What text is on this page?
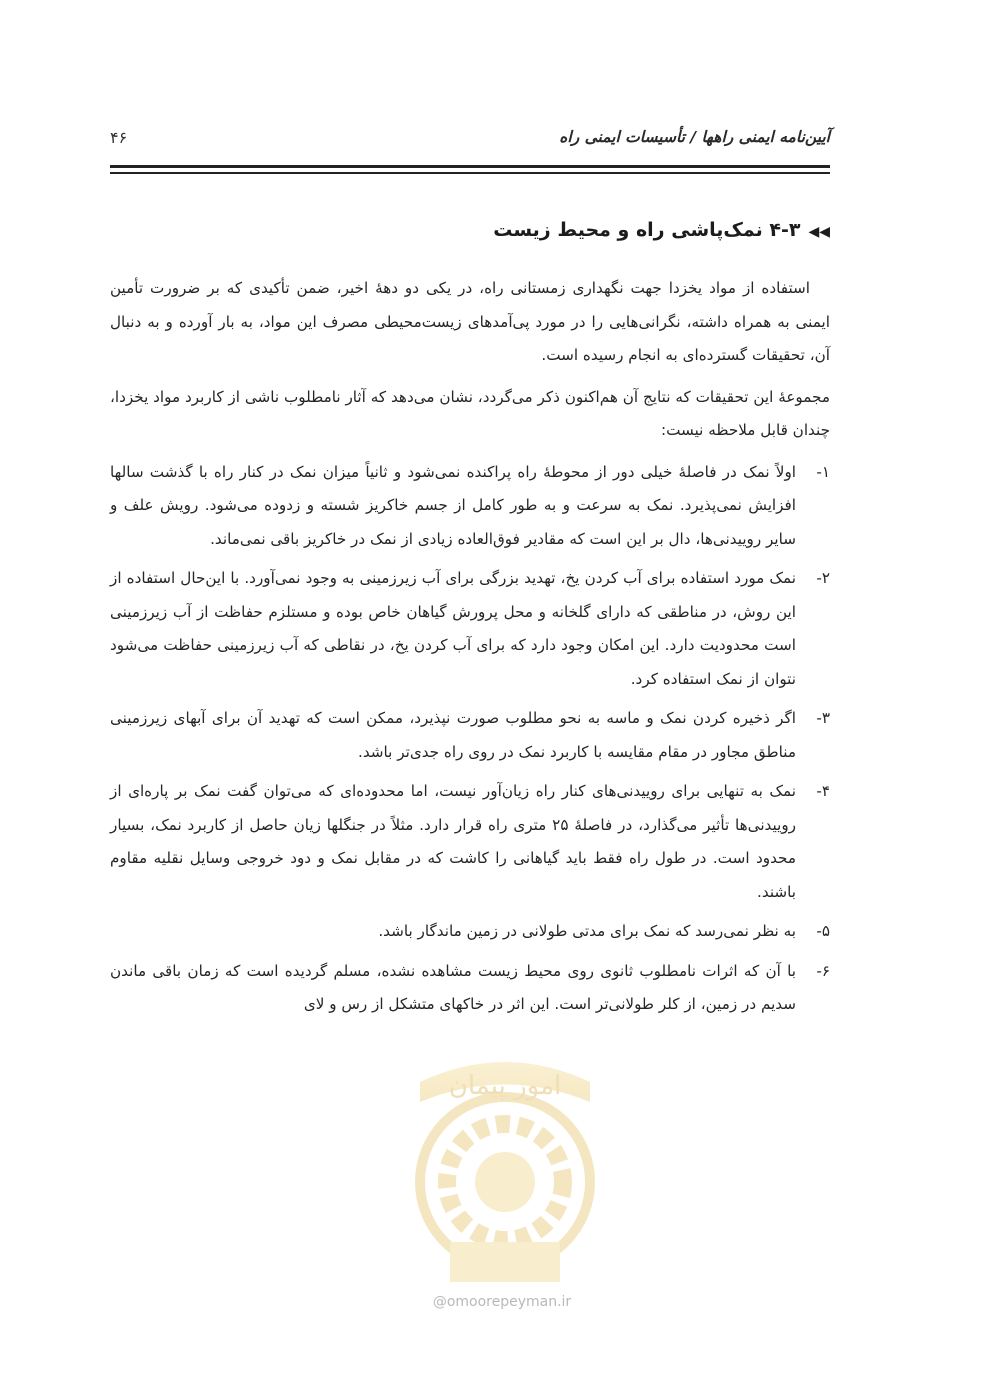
آیین‌نامه ایمنی راهها / تأسیسات ایمنی راه
۴۶
◀◀۴-۳ نمک‌پاشی راه و محیط زیست

استفاده از مواد یخزدا جهت نگهداری زمستانی راه، در یکی دو دههٔ اخیر، ضمن تأکیدی که بر ضرورت تأمین ایمنی به همراه داشته، نگرانی‌هایی را در مورد پی‌آمدهای زیست‌محیطی مصرف این مواد، به بار آورده و به دنبال آن، تحقیقات گسترده‌ای به انجام رسیده است.

مجموعهٔ این تحقیقات که نتایج آن هم‌اکنون ذکر می‌گردد، نشان می‌دهد که آثار نامطلوب ناشی از کاربرد مواد یخزدا، چندان قابل ملاحظه نیست:

۱-
اولاً نمک در فاصلهٔ خیلی دور از محوطهٔ راه پراکنده نمی‌شود و ثانیاً میزان نمک در کنار راه با گذشت سالها افزایش نمی‌پذیرد. نمک به سرعت و به طور کامل از جسم خاکریز شسته و زدوده می‌شود. رویش علف و سایر روییدنی‌ها، دال بر این است که مقادیر فوق‌العاده زیادی از نمک در خاکریز باقی نمی‌ماند.
۲-
نمک مورد استفاده برای آب کردن یخ، تهدید بزرگی برای آب زیرزمینی به وجود نمی‌آورد. با این‌حال استفاده از این روش، در مناطقی که دارای گلخانه و محل پرورش گیاهان خاص بوده و مستلزم حفاظت از آب زیرزمینی است محدودیت دارد. این امکان وجود دارد که برای آب کردن یخ، در نقاطی که آب زیرزمینی حفاظت می‌شود نتوان از نمک استفاده کرد.
۳-
اگر ذخیره کردن نمک و ماسه به نحو مطلوب صورت نپذیرد، ممکن است که تهدید آن برای آبهای زیرزمینی مناطق مجاور در مقام مقایسه با کاربرد نمک در روی راه جدی‌تر باشد.
۴-
نمک به تنهایی برای روییدنی‌های کنار راه زیان‌آور نیست، اما محدوده‌ای که می‌توان گفت نمک بر پاره‌ای از روییدنی‌ها تأثیر می‌گذارد، در فاصلهٔ ۲۵ متری راه قرار دارد. مثلاً در جنگلها زیان حاصل از کاربرد نمک، بسیار محدود است. در طول راه فقط باید گیاهانی را کاشت که در مقابل نمک و دود خروجی وسایل نقلیه مقاوم باشند.
۵-
به نظر نمی‌رسد که نمک برای مدتی طولانی در زمین ماندگار باشد.
۶-
با آن که اثرات نامطلوب ثانوی روی محیط زیست مشاهده نشده، مسلم گردیده است که زمان باقی ماندن سدیم در زمین، از کلر طولانی‌تر است. این اثر در خاکهای متشکل از رس و لای
امور پیمان
@omoorepeyman.ir
